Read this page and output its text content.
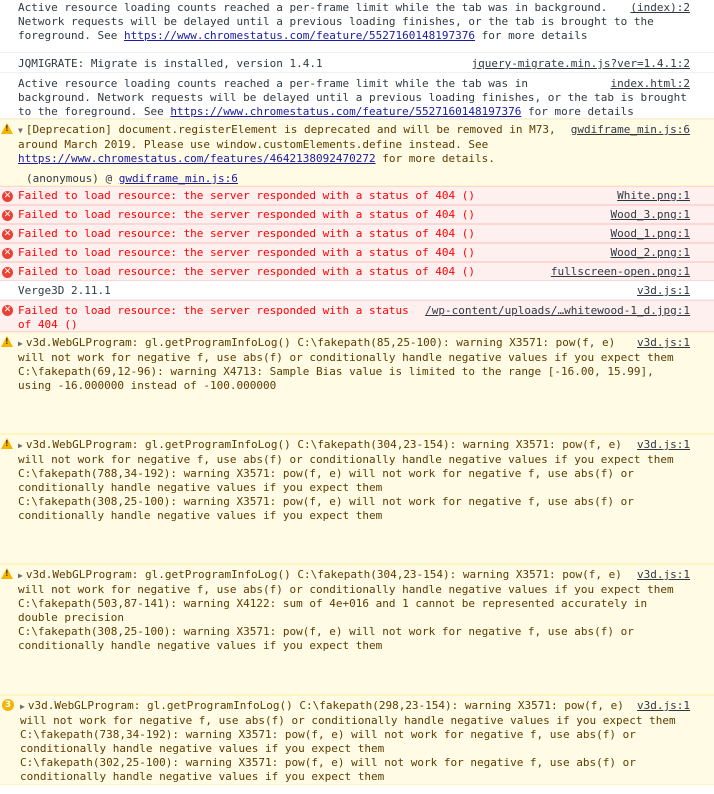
(index):2
Active resource loading counts reached a per-frame limit while the tab was in background. Network requests will be delayed until a previous loading finishes, or the tab is brought to the foreground. See https://www.chromestatus.com/feature/5527160148197376 for more details
jquery-migrate.min.js?ver=1.4.1:2
JQMIGRATE: Migrate is installed, version 1.4.1
index.html:2
Active resource loading counts reached a per-frame limit while the tab was in background. Network requests will be delayed until a previous loading finishes, or the tab is brought to the foreground. See https://www.chromestatus.com/feature/5527160148197376 for more details
!	gwdiframe_min.js:6
▼ [Deprecation] document.registerElement is deprecated and will be removed in M73, around March 2019. Please use window.customElements.define instead. See https://www.chromestatus.com/features/4642138092470272 for more details.
(anonymous) @ gwdiframe_min.js:6
✕	White.png:1
Failed to load resource: the server responded with a status of 404 ()
✕	Wood_3.png:1
Failed to load resource: the server responded with a status of 404 ()
✕	Wood_1.png:1
Failed to load resource: the server responded with a status of 404 ()
✕	Wood_2.png:1
Failed to load resource: the server responded with a status of 404 ()
✕	fullscreen-open.png:1
Failed to load resource: the server responded with a status of 404 ()
v3d.js:1
Verge3D 2.11.1
✕	/wp-content/uploads/…whitewood-1_d.jpg:1
Failed to load resource: the server responded with a status of 404 ()
!	v3d.js:1
▶ v3d.WebGLProgram: gl.getProgramInfoLog() C:\fakepath(85,25-100): warning X3571: pow(f, e) will not work for negative f, use abs(f) or conditionally handle negative values if you expect them
C:\fakepath(69,12-96): warning X4713: Sample Bias value is limited to the range [-16.00, 15.99], using -16.000000 instead of -100.000000
!	v3d.js:1
▶ v3d.WebGLProgram: gl.getProgramInfoLog() C:\fakepath(304,23-154): warning X3571: pow(f, e) will not work for negative f, use abs(f) or conditionally handle negative values if you expect them
C:\fakepath(788,34-192): warning X3571: pow(f, e) will not work for negative f, use abs(f) or conditionally handle negative values if you expect them
C:\fakepath(308,25-100): warning X3571: pow(f, e) will not work for negative f, use abs(f) or conditionally handle negative values if you expect them
!	v3d.js:1
▶ v3d.WebGLProgram: gl.getProgramInfoLog() C:\fakepath(304,23-154): warning X3571: pow(f, e) will not work for negative f, use abs(f) or conditionally handle negative values if you expect them
C:\fakepath(503,87-141): warning X4122: sum of 4e+016 and 1 cannot be represented accurately in double precision
C:\fakepath(308,25-100): warning X3571: pow(f, e) will not work for negative f, use abs(f) or conditionally handle negative values if you expect them
3	v3d.js:1
▶ v3d.WebGLProgram: gl.getProgramInfoLog() C:\fakepath(298,23-154): warning X3571: pow(f, e) will not work for negative f, use abs(f) or conditionally handle negative values if you expect them
C:\fakepath(738,34-192): warning X3571: pow(f, e) will not work for negative f, use abs(f) or conditionally handle negative values if you expect them
C:\fakepath(302,25-100): warning X3571: pow(f, e) will not work for negative f, use abs(f) or conditionally handle negative values if you expect them
